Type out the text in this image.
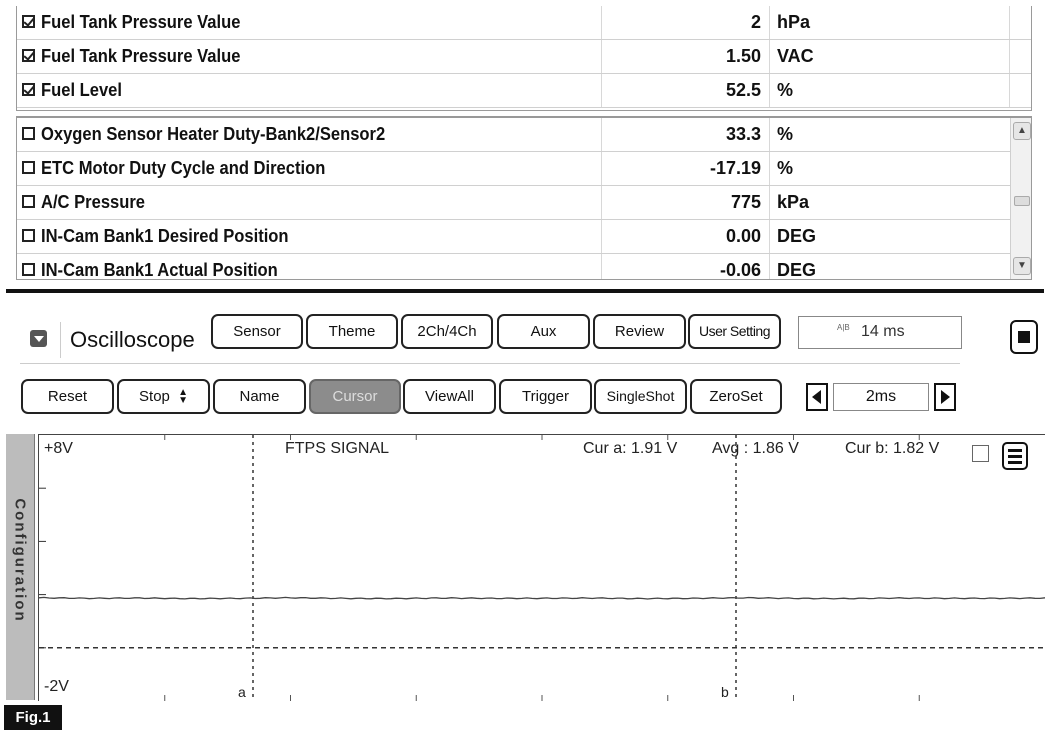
Fuel Tank Pressure Value	2 hPa
Fuel Tank Pressure Value	1.50 VAC
Fuel Level	52.5 %
Oxygen Sensor Heater Duty-Bank2/Sensor2	33.3 %
ETC Motor Duty Cycle and Direction	-17.19 %
A/C Pressure	775 kPa
IN-Cam Bank1 Desired Position	0.00 DEG
IN-Cam Bank1 Actual Position	-0.06 DEG
▲
▼
Oscilloscope	Sensor	Theme	2Ch/4Ch	Aux	Review	User Setting	A|B 14 ms
Reset	Stop ▲
▼	Name	Cursor	ViewAll	Trigger	SingleShot	ZeroSet	2ms
Configuration
+8V
-2V
FTPS SIGNAL	Cur a: 1.91 V Avg : 1.86 V	Cur b: 1.82 V
a	b
Fig.1
